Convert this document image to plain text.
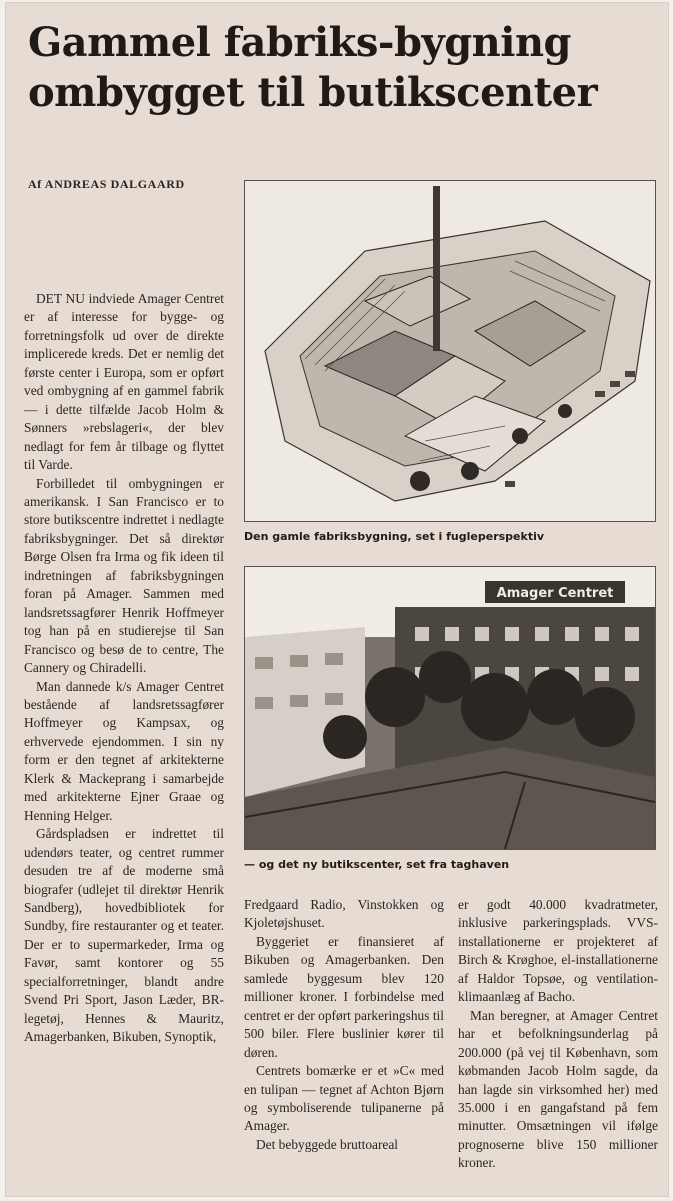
Gammel fabriks-bygning
ombygget til butikscenter
Af ANDREAS DALGAARD
Den gamle fabriksbygning, set i fugleperspektiv
Amager Centret
— og det ny butikscenter, set fra taghaven

DET NU indviede Amager Centret er af interesse for bygge- og forretningsfolk ud over de direkte implicerede kreds. Det er nemlig det første center i Europa, som er opført ved ombygning af en gammel fabrik — i dette tilfælde Jacob Holm & Sønners »rebslageri«, der blev nedlagt for fem år tilbage og flyttet til Varde.

Forbilledet til ombygningen er amerikansk. I San Francisco er to store butikscentre indrettet i nedlagte fabriksbygninger. Det så direktør Børge Olsen fra Irma og fik ideen til indretningen af fabriksbygningen foran på Amager. Sammen med landsretssagfører Henrik Hoffmeyer tog han på en studierejse til San Francisco og besø de to centre, The Cannery og Chiradelli.

Man dannede k/s Amager Centret bestående af landsretssagfører Hoffmeyer og Kampsax, og erhvervede ejendommen. I sin ny form er den tegnet af arkitekterne Klerk & Mackeprang i samarbejde med arkitekterne Ejner Graae og Henning Helger.

Gårdspladsen er indrettet til udendørs teater, og centret rummer desuden tre af de moderne små biografer (udlejet til direktør Henrik Sandberg), hovedbibliotek for Sundby, fire restauranter og et teater. Der er to supermarkeder, Irma og Favør, samt kontorer og 55 specialforretninger, blandt andre Svend Pri Sport, Jason Læder, BR-legetøj, Hennes & Mauritz, Amagerbanken, Bikuben, Synoptik,

Fredgaard Radio, Vinstokken og Kjoletøjshuset.

Byggeriet er finansieret af Bikuben og Amagerbanken. Den samlede byggesum blev 120 millioner kroner. I forbindelse med centret er der opført parkeringshus til 500 biler. Flere buslinier kører til døren.

Centrets bomærke er et »C« med en tulipan — tegnet af Achton Bjørn og symboliserende tulipanerne på Amager.

Det bebyggede bruttoareal

er godt 40.000 kvadratmeter, inklusive parkeringsplads. VVS-installationerne er projekteret af Birch & Krøghoe, el-installationerne af Haldor Topsøe, og ventilation-klimaanlæg af Bacho.

Man beregner, at Amager Centret har et befolkningsunderlag på 200.000 (på vej til København, som købmanden Jacob Holm sagde, da han lagde sin virksomhed her) med 35.000 i en gangafstand på fem minutter. Omsætningen vil ifølge prognoserne blive 150 millioner kroner.
